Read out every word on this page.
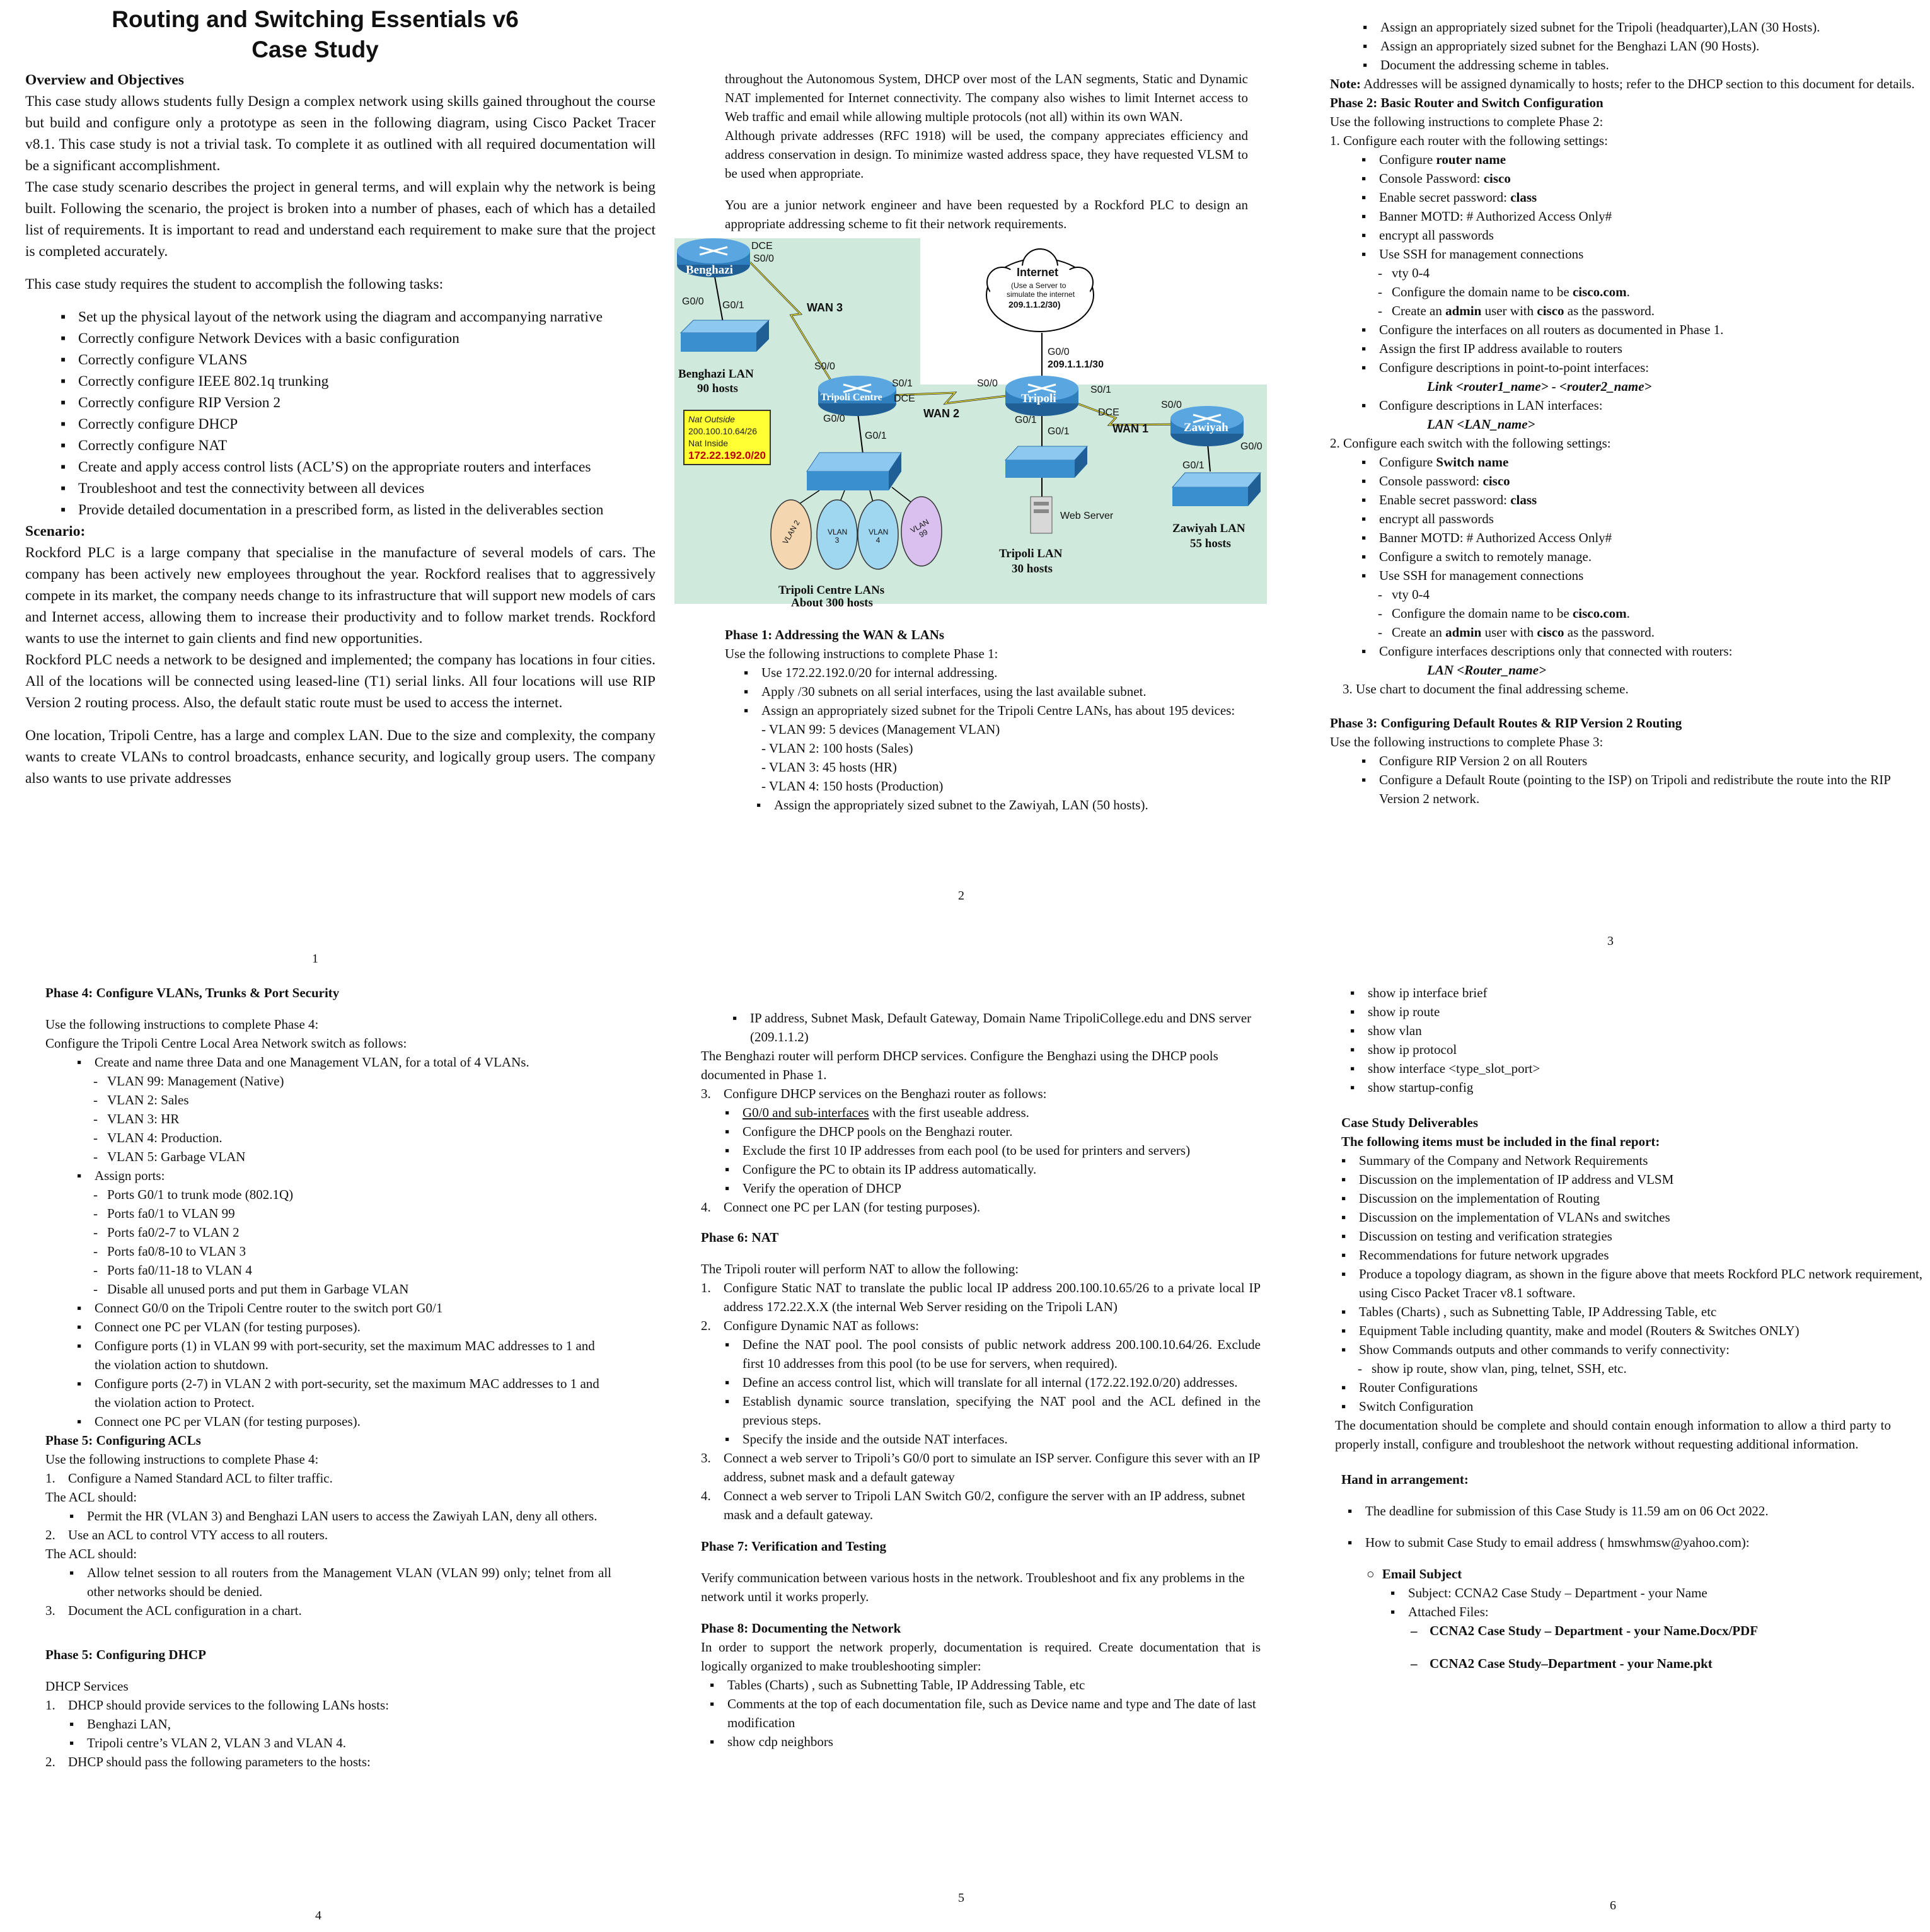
Routing and Switching Essentials v6
Case Study
Overview and Objectives

This case study allows students fully Design a complex network using skills gained throughout the course but build and configure only a prototype as seen in the following diagram, using Cisco Packet Tracer v8.1. This case study is not a trivial task. To complete it as outlined with all required documentation will be a significant accomplishment.

The case study scenario describes the project in general terms, and will explain why the network is being built. Following the scenario, the project is broken into a number of phases, each of which has a detailed list of requirements. It is important to read and understand each requirement to make sure that the project is completed accurately.

This case study requires the student to accomplish the following tasks:

▪ Set up the physical layout of the network using the diagram and accompanying narrative
▪ Correctly configure Network Devices with a basic configuration
▪ Correctly configure VLANS
▪ Correctly configure IEEE 802.1q trunking
▪ Correctly configure RIP Version 2
▪ Correctly configure DHCP
▪ Correctly configure NAT
▪ Create and apply access control lists (ACL’S) on the appropriate routers and interfaces
▪ Troubleshoot and test the connectivity between all devices
▪ Provide detailed documentation in a prescribed form, as listed in the deliverables section
Scenario:

Rockford PLC is a large company that specialise in the manufacture of several models of cars. The company has been actively new employees throughout the year. Rockford realises that to aggressively compete in its market, the company needs change to its infrastructure that will support new models of cars and Internet access, allowing them to increase their productivity and to follow market trends. Rockford wants to use the internet to gain clients and find new opportunities.

Rockford PLC needs a network to be designed and implemented; the company has locations in four cities. All of the locations will be connected using leased-line (T1) serial links. All four locations will use RIP Version 2 routing process. Also, the default static route must be used to access the internet.

One location, Tripoli Centre, has a large and complex LAN. Due to the size and complexity, the company wants to create VLANs to control broadcasts, enhance security, and logically group users. The company also wants to use private addresses

1

throughout the Autonomous System, DHCP over most of the LAN segments, Static and Dynamic NAT implemented for Internet connectivity. The company also wishes to limit Internet access to Web traffic and email while allowing multiple protocols (not all) within its own WAN.

Although private addresses (RFC 1918) will be used, the company appreciates efficiency and address conservation in design. To minimize wasted address space, they have requested VLSM to be used when appropriate.

You are a junior network engineer and have been requested by a Rockford PLC to design an appropriate addressing scheme to fit their network requirements.

DCE
S0/0
Benghazi
G0/0 G0/1	WAN 3
Benghazi LAN
90 hosts
S0/0
Tripoli Centre
S0/1
DCE
G0/0
G0/1
WAN 2
S0/0
Tripoli
S0/1
DCE
G0/1
G0/1	WAN 1
S0/0
Zawiyah
G0/0
G0/1
Internet
(Use a Server to
simulate the internet
209.1.1.2/30)
G0/0
209.1.1.1/30
Nat Outside
200.100.10.64/26
Nat Inside
172.22.192.0/20
VLAN 2	VLAN 3
VLAN 4
VLAN 99
Web Server
Tripoli Centre LANs
About 300 hosts
Tripoli LAN
30 hosts
Zawiyah LAN
55 hosts
Phase 1: Addressing the WAN & LANs

Use the following instructions to complete Phase 1:

▪ Use 172.22.192.0/20 for internal addressing.
▪ Apply /30 subnets on all serial interfaces, using the last available subnet.
▪ Assign an appropriately sized subnet for the Tripoli Centre LANs, has about 195 devices:
- VLAN 99: 5 devices (Management VLAN)
- VLAN 2: 100 hosts (Sales)
- VLAN 3: 45 hosts (HR)
- VLAN 4: 150 hosts (Production)
▪ Assign the appropriately sized subnet to the Zawiyah, LAN (50 hosts).
2
▪ Assign an appropriately sized subnet for the Tripoli (headquarter),LAN (30 Hosts).
▪ Assign an appropriately sized subnet for the Benghazi LAN (90 Hosts).
▪ Document the addressing scheme in tables.

Note: Addresses will be assigned dynamically to hosts; refer to the DHCP section to this document for details.

Phase 2: Basic Router and Switch Configuration

Use the following instructions to complete Phase 2:

1. Configure each router with the following settings:

▪ Configure router name
▪ Console Password: cisco
▪ Enable secret password: class
▪ Banner MOTD: # Authorized Access Only#
▪ encrypt all passwords
▪ Use SSH for management connections
- vty 0-4
- Configure the domain name to be cisco.com.
- Create an admin user with cisco as the password.
▪ Configure the interfaces on all routers as documented in Phase 1.
▪ Assign the first IP address available to routers
▪ Configure descriptions in point-to-point interfaces:
Link <router1_name> - <router2_name>
▪ Configure descriptions in LAN interfaces:
LAN <LAN_name>

2. Configure each switch with the following settings:

▪ Configure Switch name
▪ Console password: cisco
▪ Enable secret password: class
▪ encrypt all passwords
▪ Banner MOTD: # Authorized Access Only#
▪ Configure a switch to remotely manage.
▪ Use SSH for management connections
- vty 0-4
- Configure the domain name to be cisco.com.
- Create an admin user with cisco as the password.
▪ Configure interfaces descriptions only that connected with routers:
LAN <Router_name>

3. Use chart to document the final addressing scheme.

Phase 3: Configuring Default Routes & RIP Version 2 Routing

Use the following instructions to complete Phase 3:

▪ Configure RIP Version 2 on all Routers
▪ Configure a Default Route (pointing to the ISP) on Tripoli and redistribute the route into the RIP Version 2 network.
3
Phase 4: Configure VLANs, Trunks & Port Security

Use the following instructions to complete Phase 4:

Configure the Tripoli Centre Local Area Network switch as follows:

▪ Create and name three Data and one Management VLAN, for a total of 4 VLANs.
- VLAN 99: Management (Native)
- VLAN 2: Sales
- VLAN 3: HR
- VLAN 4: Production.
- VLAN 5: Garbage VLAN
▪ Assign ports:
- Ports G0/1 to trunk mode (802.1Q)
- Ports fa0/1 to VLAN 99
- Ports fa0/2-7 to VLAN 2
- Ports fa0/8-10 to VLAN 3
- Ports fa0/11-18 to VLAN 4
- Disable all unused ports and put them in Garbage VLAN
▪ Connect G0/0 on the Tripoli Centre router to the switch port G0/1
▪ Connect one PC per VLAN (for testing purposes).
▪ Configure ports (1) in VLAN 99 with port-security, set the maximum MAC addresses to 1 and the violation action to shutdown.
▪ Configure ports (2-7) in VLAN 2 with port-security, set the maximum MAC addresses to 1 and the violation action to Protect.
▪ Connect one PC per VLAN (for testing purposes).
Phase 5: Configuring ACLs

Use the following instructions to complete Phase 4:

1. Configure a Named Standard ACL to filter traffic.

The ACL should:

▪ Permit the HR (VLAN 3) and Benghazi LAN users to access the Zawiyah LAN, deny all others.
2. Use an ACL to control VTY access to all routers.

The ACL should:

▪ Allow telnet session to all routers from the Management VLAN (VLAN 99) only; telnet from all other networks should be denied.
3. Document the ACL configuration in a chart.
Phase 5: Configuring DHCP

DHCP Services

1. DHCP should provide services to the following LANs hosts:
▪ Benghazi LAN,
▪ Tripoli centre’s VLAN 2, VLAN 3 and VLAN 4.
2. DHCP should pass the following parameters to the hosts:
4
▪ IP address, Subnet Mask, Default Gateway, Domain Name TripoliCollege.edu and DNS server (209.1.1.2)

The Benghazi router will perform DHCP services. Configure the Benghazi using the DHCP pools documented in Phase 1.

3. Configure DHCP services on the Benghazi router as follows:
▪ G0/0 and sub-interfaces with the first useable address.
▪ Configure the DHCP pools on the Benghazi router.
▪ Exclude the first 10 IP addresses from each pool (to be used for printers and servers)
▪ Configure the PC to obtain its IP address automatically.
▪ Verify the operation of DHCP
4. Connect one PC per LAN (for testing purposes).
Phase 6: NAT

The Tripoli router will perform NAT to allow the following:

1. Configure Static NAT to translate the public local IP address 200.100.10.65/26 to a private local IP address 172.22.X.X (the internal Web Server residing on the Tripoli LAN)
2. Configure Dynamic NAT as follows:
▪ Define the NAT pool. The pool consists of public network address 200.100.10.64/26. Exclude first 10 addresses from this pool (to be use for servers, when required).
▪ Define an access control list, which will translate for all internal (172.22.192.0/20) addresses.
▪ Establish dynamic source translation, specifying the NAT pool and the ACL defined in the previous steps.
▪ Specify the inside and the outside NAT interfaces.
3. Connect a web server to Tripoli’s G0/0 port to simulate an ISP server. Configure this sever with an IP address, subnet mask and a default gateway
4. Connect a web server to Tripoli LAN Switch G0/2, configure the server with an IP address, subnet mask and a default gateway.
Phase 7: Verification and Testing

Verify communication between various hosts in the network. Troubleshoot and fix any problems in the network until it works properly.

Phase 8: Documenting the Network

In order to support the network properly, documentation is required. Create documentation that is logically organized to make troubleshooting simpler:

▪ Tables (Charts) , such as Subnetting Table, IP Addressing Table, etc
▪ Comments at the top of each documentation file, such as Device name and type and The date of last modification
▪ show cdp neighbors
5
▪ show ip interface brief
▪ show ip route
▪ show vlan
▪ show ip protocol
▪ show interface <type_slot_port>
▪ show startup-config
Case Study Deliverables
The following items must be included in the final report:
▪ Summary of the Company and Network Requirements
▪ Discussion on the implementation of IP address and VLSM
▪ Discussion on the implementation of Routing
▪ Discussion on the implementation of VLANs and switches
▪ Discussion on testing and verification strategies
▪ Recommendations for future network upgrades
▪ Produce a topology diagram, as shown in the figure above that meets Rockford PLC network requirement, using Cisco Packet Tracer v8.1 software.
▪ Tables (Charts) , such as Subnetting Table, IP Addressing Table, etc
▪ Equipment Table including quantity, make and model (Routers & Switches ONLY)
▪ Show Commands outputs and other commands to verify connectivity:
- show ip route, show vlan, ping, telnet, SSH, etc.
▪ Router Configurations
▪ Switch Configuration

The documentation should be complete and should contain enough information to allow a third party to properly install, configure and troubleshoot the network without requesting additional information.

Hand in arrangement:
▪ The deadline for submission of this Case Study is 11.59 am on 06 Oct 2022.
▪ How to submit Case Study to email address ( hmswhmsw@yahoo.com):
○ Email Subject
▪ Subject: CCNA2 Case Study – Department - your Name
▪ Attached Files:
– CCNA2 Case Study – Department - your Name.Docx/PDF
– CCNA2 Case Study–Department - your Name.pkt
6
